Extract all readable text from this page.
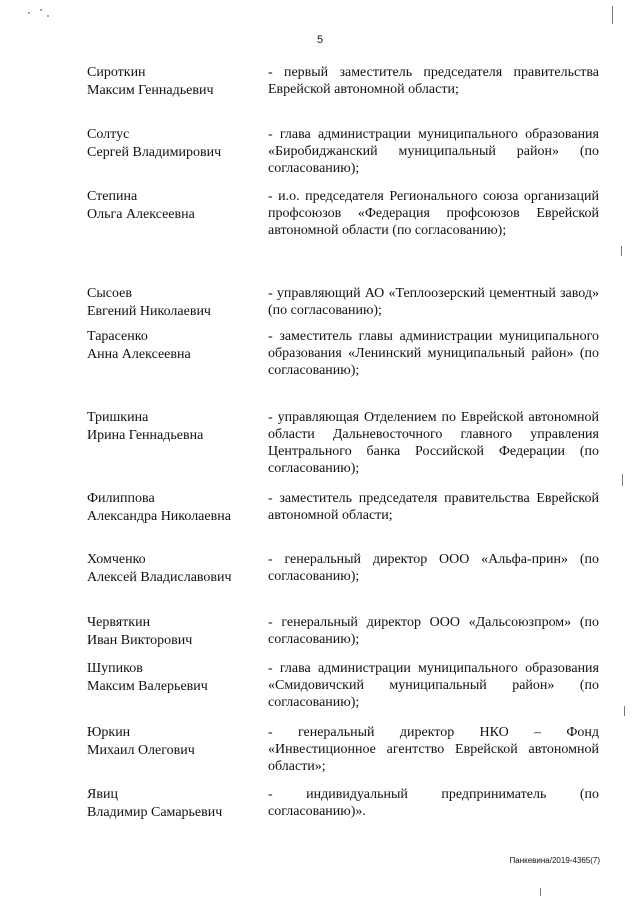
5
Сироткин
Максим Геннадьевич
- первый заместитель председателя правительства Еврейской автономной области;
Солтус
Сергей Владимирович
- глава администрации муниципального образования «Биробиджанский муниципальный район» (по согласованию);
Степина
Ольга Алексеевна
- и.о. председателя Регионального союза организаций профсоюзов «Федерация профсоюзов Еврейской автономной области (по согласованию);
Сысоев
Евгений Николаевич
- управляющий АО «Теплоозерский цементный завод» (по согласованию);
Тарасенко
Анна Алексеевна
- заместитель главы администрации муниципального образования «Ленинский муниципальный район» (по согласованию);
Тришкина
Ирина Геннадьевна
- управляющая Отделением по Еврейской автономной области Дальневосточного главного управления Центрального банка Российской Федерации (по согласованию);
Филиппова
Александра Николаевна
- заместитель председателя правительства Еврейской автономной области;
Хомченко
Алексей Владиславович
- генеральный директор ООО «Альфа-прин» (по согласованию);
Червяткин
Иван Викторович
- генеральный директор ООО «Дальсоюзпром» (по согласованию);
Шупиков
Максим Валерьевич
- глава администрации муниципального образования «Смидовичский муниципальный район» (по согласованию);
Юркин
Михаил Олегович
- генеральный директор НКО – Фонд «Инвестиционное агентство Еврейской автономной области»;
Явиц
Владимир Самарьевич
- индивидуальный предприниматель (по согласованию)».
Панкевина/2019-4365(7)
